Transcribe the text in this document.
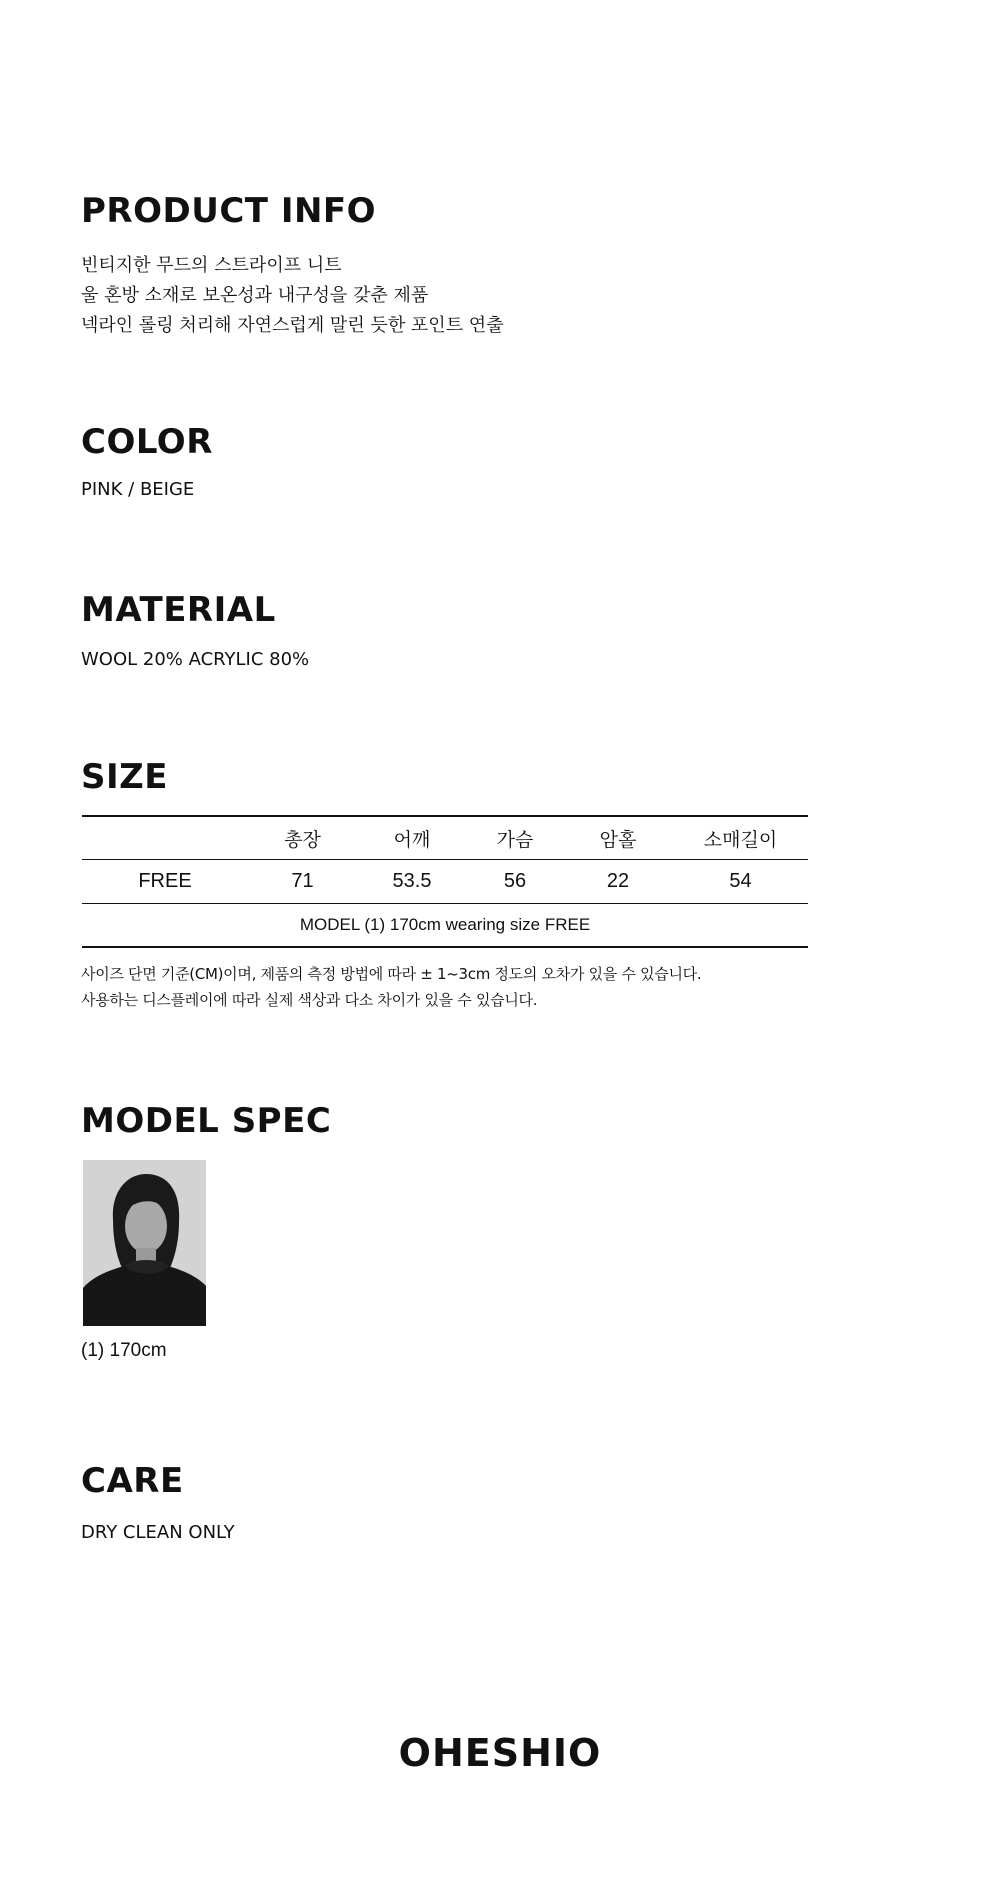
PRODUCT INFO
빈티지한 무드의 스트라이프 니트
울 혼방 소재로 보온성과 내구성을 갖춘 제품
넥라인 롤링 처리해 자연스럽게 말린 듯한 포인트 연출
COLOR
PINK / BEIGE
MATERIAL
WOOL 20% ACRYLIC 80%
SIZE
	총장	어깨	가슴	암홀	소매길이
FREE	71	53.5	56	22	54
MODEL (1) 170cm wearing size FREE					
사이즈 단면 기준(CM)이며, 제품의 측정 방법에 따라 ± 1~3cm 정도의 오차가 있을 수 있습니다.
사용하는 디스플레이에 따라 실제 색상과 다소 차이가 있을 수 있습니다.
MODEL SPEC
(1) 170cm
CARE
DRY CLEAN ONLY
OHESHIO
